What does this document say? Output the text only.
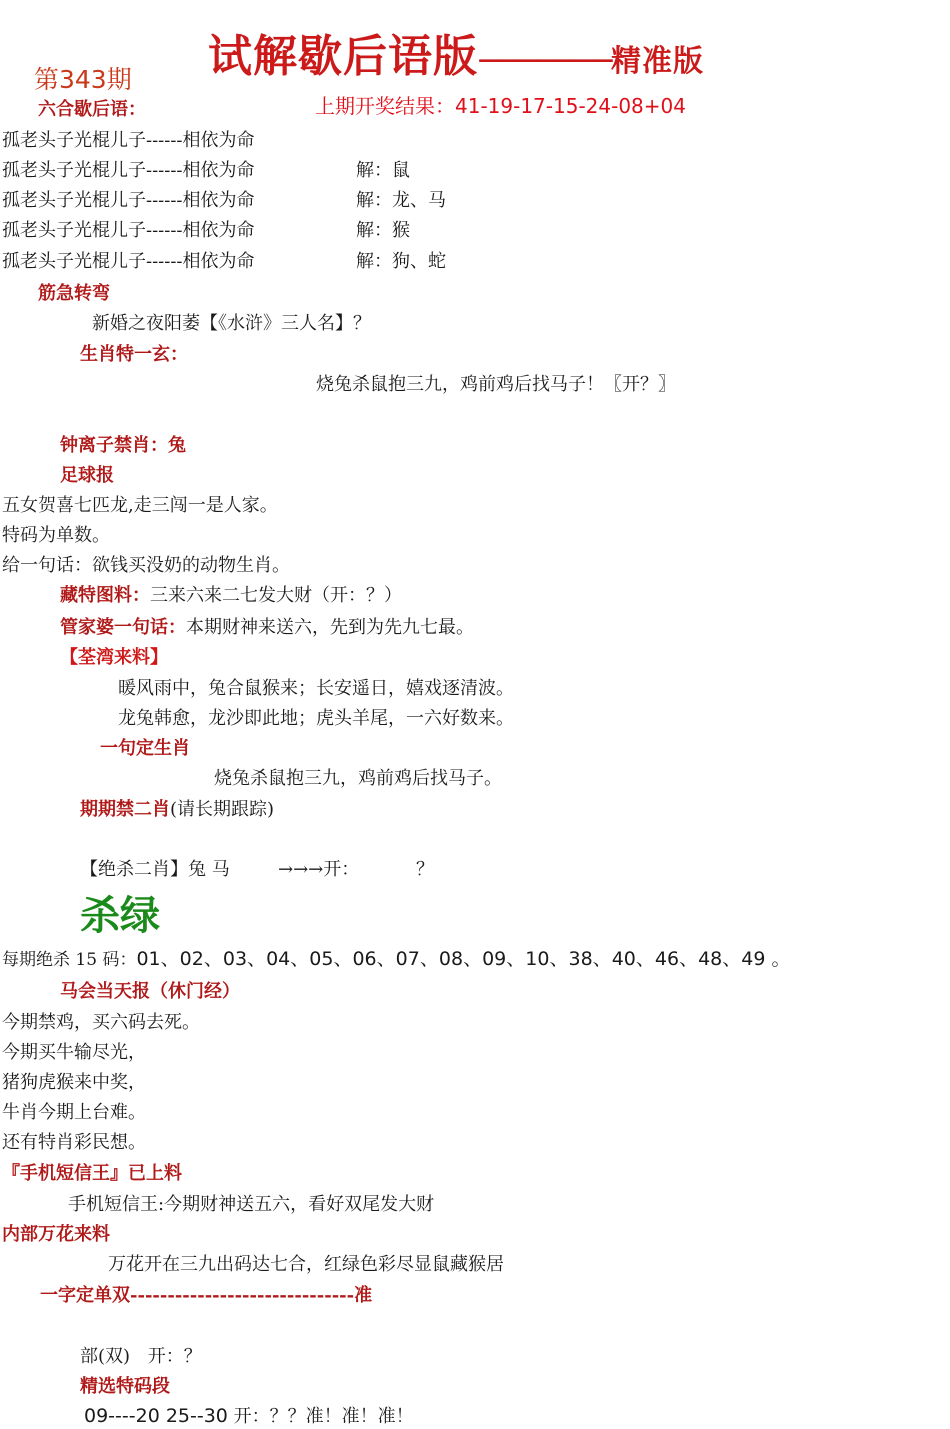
试解歇后语版———————精准版
第343期
六合歇后语：	上期开奖结果：41-19-17-15-24-08+04
孤老头子光棍儿子------相依为命
孤老头子光棍儿子------相依为命	解：鼠
孤老头子光棍儿子------相依为命	解：龙、马
孤老头子光棍儿子------相依为命	解：猴
孤老头子光棍儿子------相依为命	解：狗、蛇
筋急转弯
新婚之夜阳萎【《水浒》三人名】？
生肖特一玄：
烧兔杀鼠抱三九，鸡前鸡后找马子！〖开？〗
钟离子禁肖：兔
足球报
五女贺喜七匹龙,走三闯一是人家。
特码为单数。
给一句话：欲钱买没奶的动物生肖。
藏特图料：三来六来二七发大财（开：？）
管家婆一句话：本期财神来送六，先到为先九七最。
【荃湾来料】
暖风雨中，兔合鼠猴来；长安遥日，嬉戏逐清波。
龙兔韩愈，龙沙即此地；虎头羊尾，一六好数来。
一句定生肖
烧兔杀鼠抱三九，鸡前鸡后找马子。
期期禁二肖(请长期跟踪)
【绝杀二肖】兔 马	→→→开：	？
杀绿
每期绝杀 15 码：01、02、03、04、05、06、07、08、09、10、38、40、46、48、49 。
马会当天报（休门经）
今期禁鸡，买六码去死。
今期买牛输尽光，
猪狗虎猴来中奖，
牛肖今期上台难。
还有特肖彩民想。
『手机短信王』已上料
手机短信王:今期财神送五六，看好双尾发大财
内部万花来料
万花开在三九出码达七合，红绿色彩尽显鼠藏猴居
一字定单双------------------------------准
部(双) 开：？
精选特码段
09----20 25--30 开：？？准！准！准！
